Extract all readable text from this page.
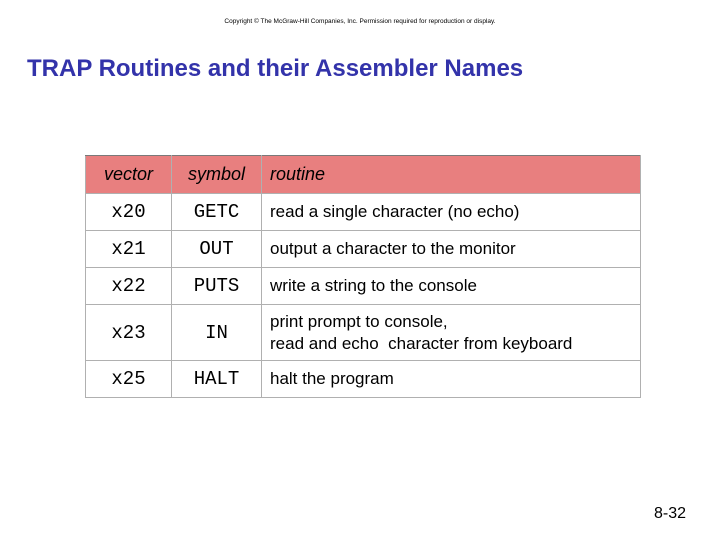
Copyright © The McGraw-Hill Companies, Inc. Permission required for reproduction or display.
TRAP Routines and their Assembler Names
vector	symbol	routine
x20	GETC	read a single character (no echo)
x21	OUT	output a character to the monitor
x22	PUTS	write a string to the console
x23	IN	print prompt to console,
read and echo  character from keyboard

x25	HALT	halt the program
8-32
